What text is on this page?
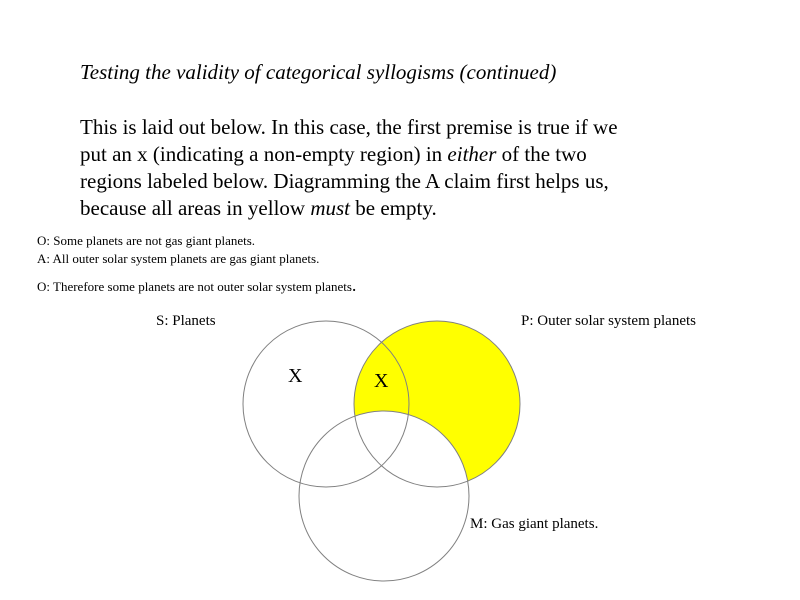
Testing the validity of categorical syllogisms (continued)

This is laid out below. In this case, the first premise is true if we
put an x (indicating a non-empty region) in either of the two
regions labeled below. Diagramming the A claim first helps us,
because all areas in yellow must be empty.

O: Some planets are not gas giant planets.

A: All outer solar system planets are gas giant planets.

O: Therefore some planets are not outer solar system planets.

S: Planets	P: Outer solar system planets
M: Gas giant planets.
X	X
